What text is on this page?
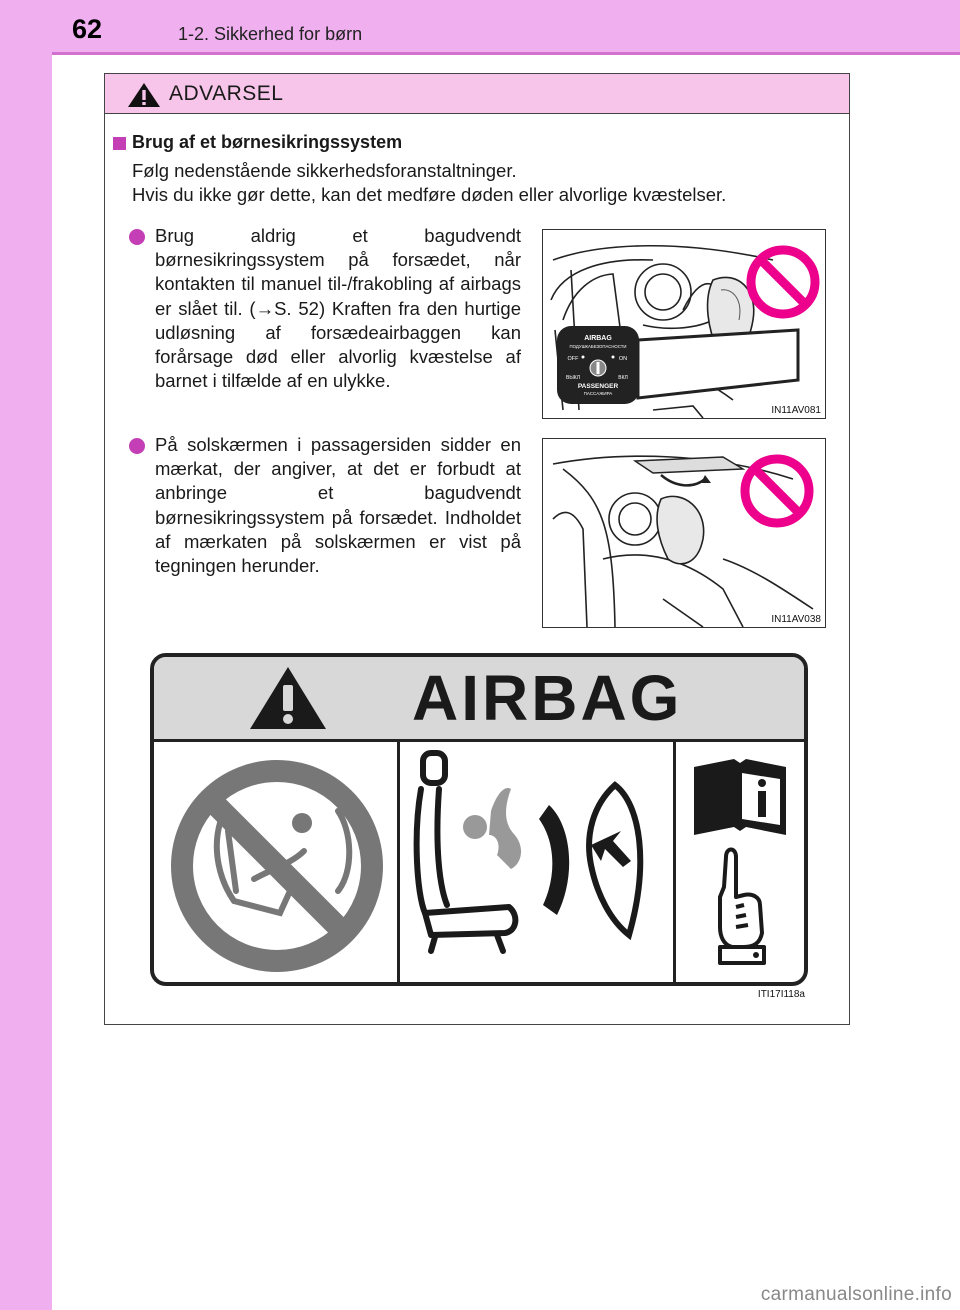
62	1-2. Sikkerhed for børn
ADVARSEL
Brug af et børnesikringssystem
Følg nedenstående sikkerhedsforanstaltninger.
Hvis du ikke gør dette, kan det medføre døden eller alvorlige kvæstelser.
Brug aldrig et bagudvendt børnesikringssystem på forsædet, når kontakten til manuel til-/frakobling af airbags er slået til. (→S. 52) Kraften fra den hurtige udløsning af forsædeairbaggen kan forårsage død eller alvorlig kvæstelse af barnet i tilfælde af en ulykke.
AIRBAG
ПОДУШКАБЕЗОПАСНОСТИ
OFF	ON
ВЫКЛ	ВКЛ
PASSENGER
ПАССАЖИРА
IN11AV081
På solskærmen i passagersiden sidder en mærkat, der angiver, at det er forbudt at anbringe et bagudvendt børnesikringssystem på forsædet. Indholdet af mærkaten på solskærmen er vist på tegningen herunder.
IN11AV038
AIRBAG
ITI17I118a
carmanualsonline.info
